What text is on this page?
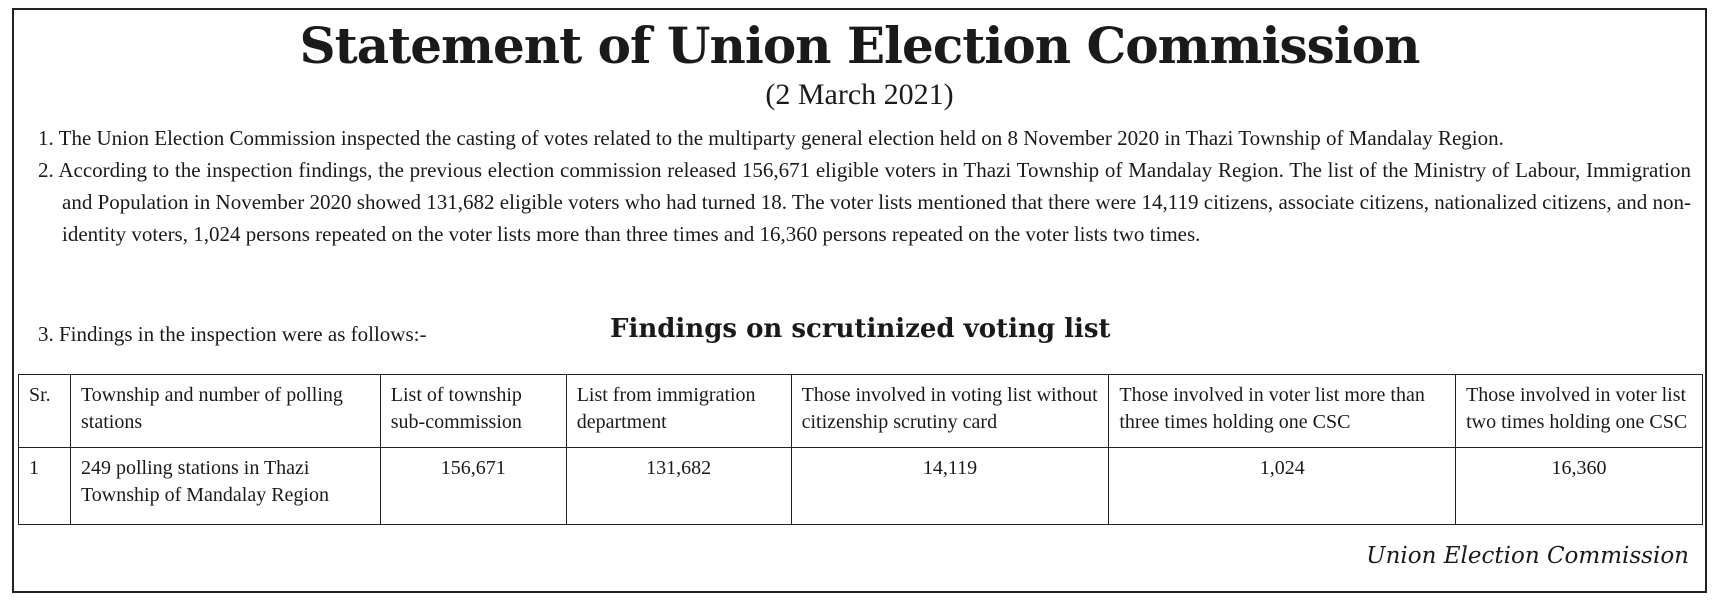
Statement of Union Election Commission
(2 March 2021)

1. The Union Election Commission inspected the casting of votes related to the multiparty general election held on 8 November 2020 in Thazi Township of Mandalay Region.

2. According to the inspection findings, the previous election commission released 156,671 eligible voters in Thazi Township of Mandalay Region. The list of the Ministry of Labour, Immigration and Population in November 2020 showed 131,682 eligible voters who had turned 18. The voter lists mentioned that there were 14,119 citizens, associate citizens, nationalized citizens, and non-identity voters, 1,024 persons repeated on the voter lists more than three times and 16,360 persons repeated on the voter lists two times.

3. Findings in the inspection were as follows:-	Findings on scrutinized voting list
Sr.	Township and number of polling stations	List of township sub-commission	List from immigration department	Those involved in voting list without citizenship scrutiny card	Those involved in voter list more than three times holding one CSC	Those involved in voter list two times holding one CSC
1	249 polling stations in Thazi Township of Mandalay Region	156,671	131,682	14,119	1,024	16,360
Union Election Commission
